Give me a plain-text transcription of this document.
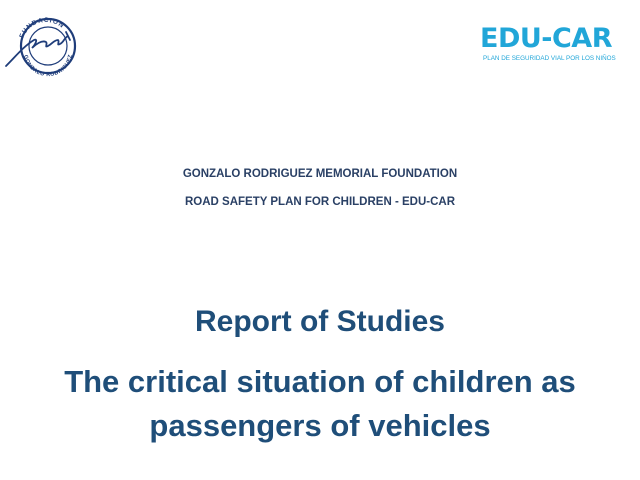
FUNDACION
GONZALO RODRIGUEZ
EDU-CAR
PLAN DE SEGURIDAD VIAL POR LOS NIÑOS
GONZALO RODRIGUEZ MEMORIAL FOUNDATION
ROAD SAFETY PLAN FOR CHILDREN - EDU-CAR
Report of Studies
The critical situation of children as passengers of vehicles
